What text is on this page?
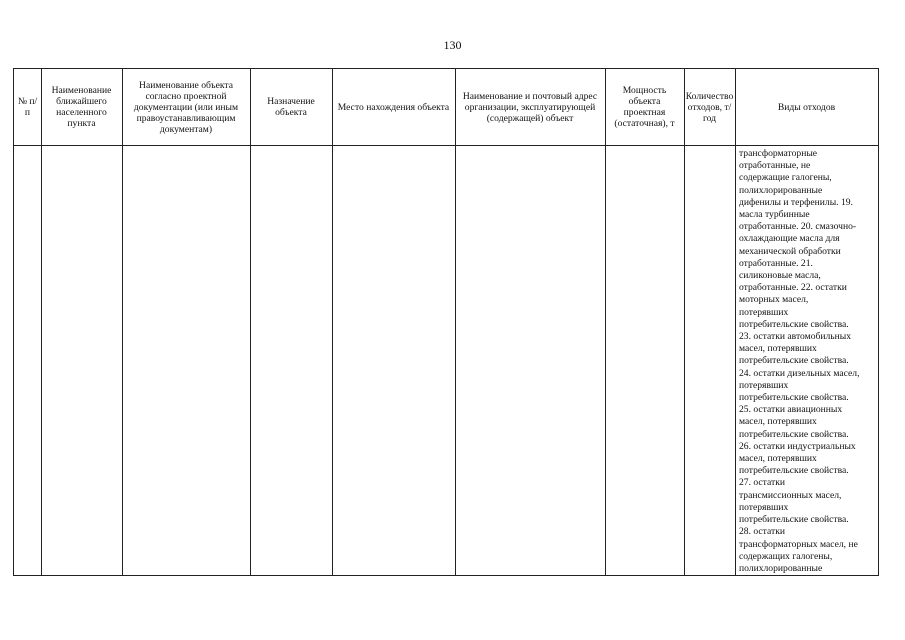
130
№ п/п
Наименование ближайшего населенного пункта
Наименование объекта согласно проектной документации (или иным правоустанавливающим документам)
Назначение объекта	Место нахождения объекта
Наименование и почтовый адрес организации, эксплуатирующей (содержащей) объект
Мощность объекта проектная (остаточная), т
Количество отходов, т/год
Виды отходов
трансформаторные
отработанные, не
содержащие галогены,
полихлорированные
дифенилы и терфенилы. 19.
масла турбинные
отработанные. 20. смазочно-
охлаждающие масла для
механической обработки
отработанные. 21.
силиконовые масла,
отработанные. 22. остатки
моторных масел,
потерявших
потребительские свойства.
23. остатки автомобильных
масел, потерявших
потребительские свойства.
24. остатки дизельных масел,
потерявших
потребительские свойства.
25. остатки авиационных
масел, потерявших
потребительские свойства.
26. остатки индустриальных
масел, потерявших
потребительские свойства.
27. остатки
трансмиссионных масел,
потерявших
потребительские свойства.
28. остатки
трансформаторных масел, не
содержащих галогены,
полихлорированные
